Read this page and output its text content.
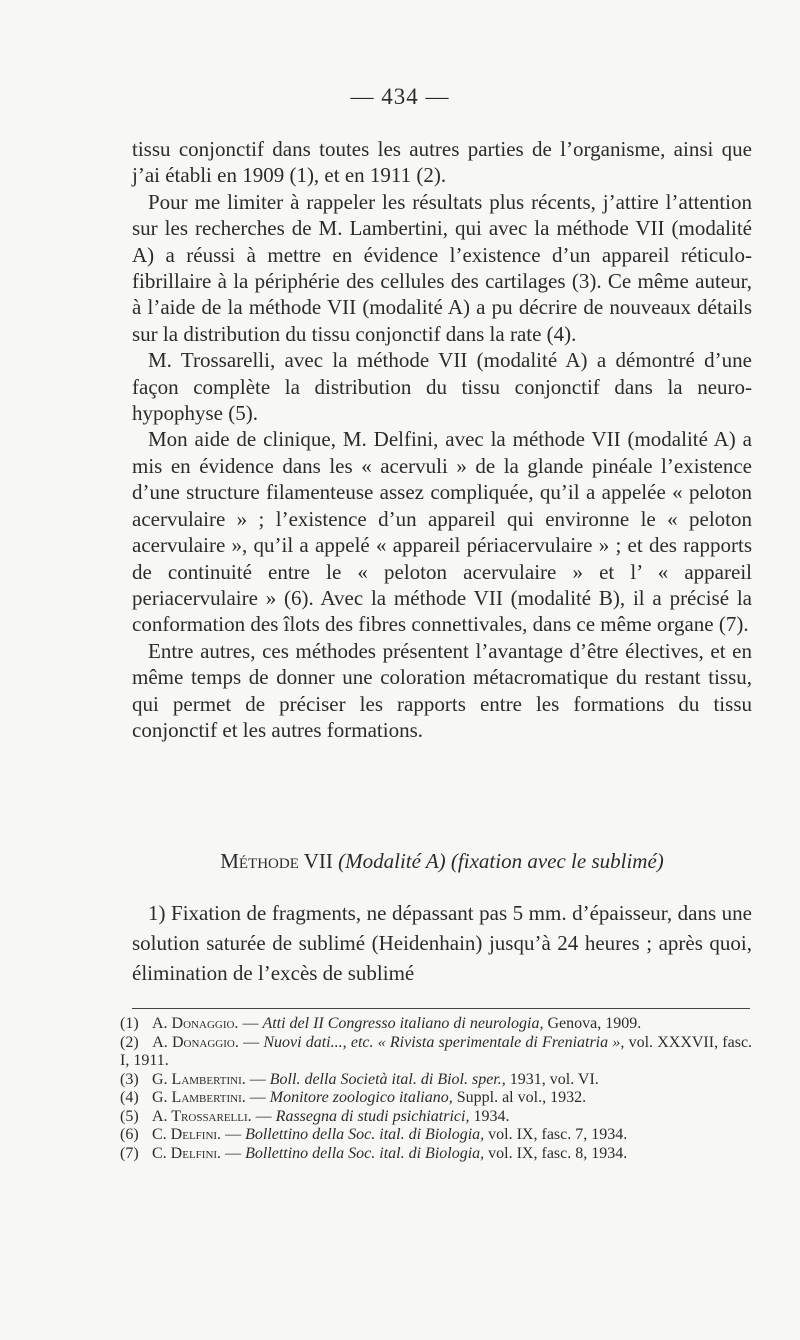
— 434 —

tissu conjonctif dans toutes les autres parties de l’organisme, ainsi que j’ai établi en 1909 (1), et en 1911 (2).

Pour me limiter à rappeler les résultats plus récents, j’attire l’attention sur les recherches de M. Lambertini, qui avec la méthode VII (modalité A) a réussi à mettre en évidence l’existence d’un appareil réticulo-fibrillaire à la périphérie des cellules des cartilages (3). Ce même auteur, à l’aide de la méthode VII (modalité A) a pu décrire de nouveaux détails sur la distribution du tissu conjonctif dans la rate (4).

M. Trossarelli, avec la méthode VII (modalité A) a démontré d’une façon complète la distribution du tissu conjonctif dans la neuro-hypophyse (5).

Mon aide de clinique, M. Delfini, avec la méthode VII (modalité A) a mis en évidence dans les « acervuli » de la glande pinéale l’existence d’une structure filamenteuse assez compliquée, qu’il a appelée « peloton acervulaire » ; l’existence d’un appareil qui environne le « peloton acervulaire », qu’il a appelé « appareil périacervulaire » ; et des rapports de continuité entre le « peloton acervulaire » et l’ « appareil periacervulaire » (6). Avec la méthode VII (modalité B), il a précisé la conformation des îlots des fibres connettivales, dans ce même organe (7).

Entre autres, ces méthodes présentent l’avantage d’être électives, et en même temps de donner une coloration métacromatique du restant tissu, qui permet de préciser les rapports entre les formations du tissu conjonctif et les autres formations.

Méthode VII (Modalité A) (fixation avec le sublimé)

1) Fixation de fragments, ne dépassant pas 5 mm. d’épaisseur, dans une solution saturée de sublimé (Heidenhain) jusqu’à 24 heures ; après quoi, élimination de l’excès de sublimé

(1) A. Donaggio. — Atti del II Congresso italiano di neurologia, Genova, 1909.

(2) A. Donaggio. — Nuovi dati..., etc. « Rivista sperimentale di Freniatria », vol. XXXVII, fasc. I, 1911.

(3) G. Lambertini. — Boll. della Società ital. di Biol. sper., 1931, vol. VI.

(4) G. Lambertini. — Monitore zoologico italiano, Suppl. al vol., 1932.

(5) A. Trossarelli. — Rassegna di studi psichiatrici, 1934.

(6) C. Delfini. — Bollettino della Soc. ital. di Biologia, vol. IX, fasc. 7, 1934.

(7) C. Delfini. — Bollettino della Soc. ital. di Biologia, vol. IX, fasc. 8, 1934.
